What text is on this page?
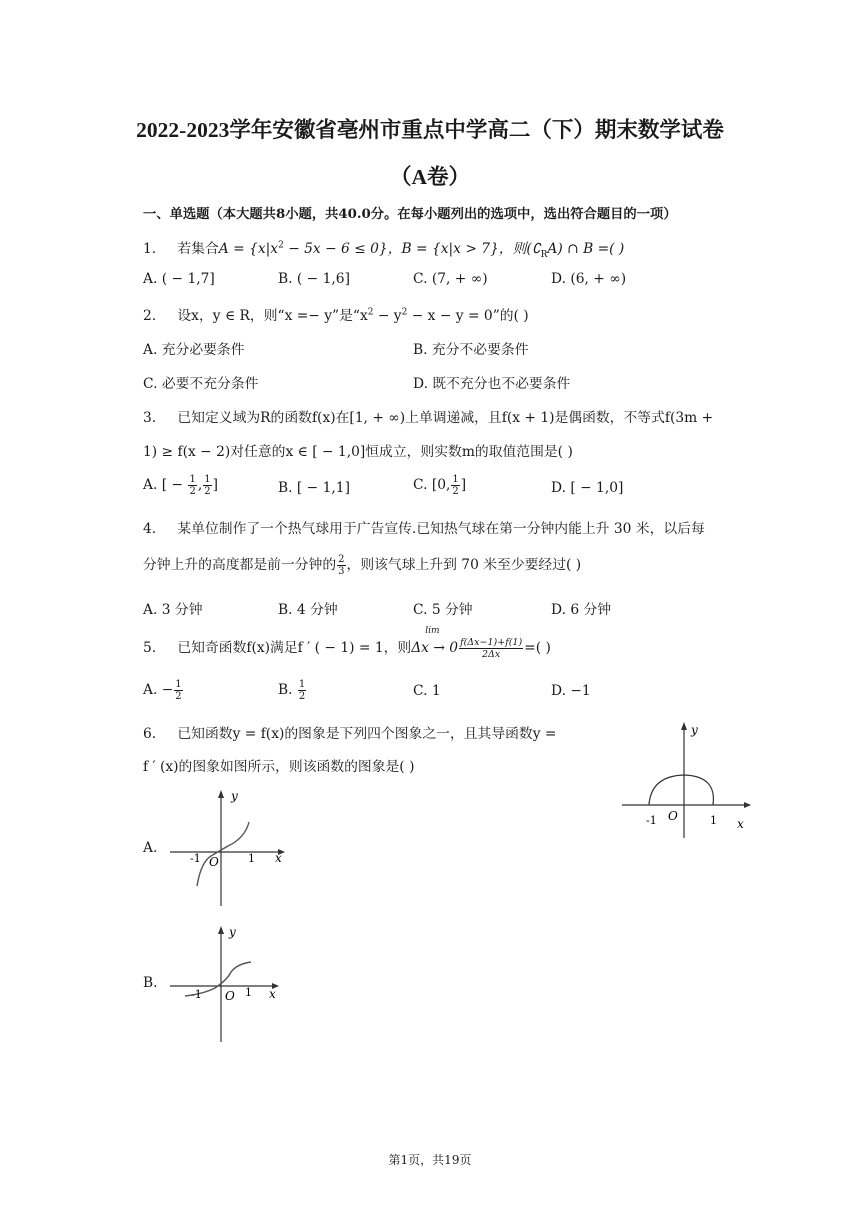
2022-2023学年安徽省亳州市重点中学高二（下）期末数学试卷
（A卷）
一、单选题（本大题共8小题，共40.0分。在每小题列出的选项中，选出符合题目的一项）
1. 若集合$A = \{x|x^2 - 5x - 6 \le 0\}$，B = {x|x > 7}，则$(∁_RA)$ ∩ B =( )
A. ( − 1,7]	B. ( − 1,6]	C. (7, + ∞)	D. (6, + ∞)
2. 设x，y ∈ R，则“x =− y”是“$x^2 - y^2 - x - y = 0$”的( )
A. 充分必要条件	B. 充分不必要条件
C. 必要不充分条件	D. 既不充分也不必要条件
3. 已知定义域为R的函数f(x)在[1, + ∞)上单调递减，且f(x + 1)是偶函数，不等式f(3m +
1) ≥ f(x − 2)对任意的x ∈ [ − 1,0]恒成立，则实数m的取值范围是( )
A. [ − $\frac{1}{2}$ , $\frac{1}{2}$ ]	B. [ − 1,1]	C. [0, $\frac{1}{2}$ ]	D. [ − 1,0]
4. 某单位制作了一个热气球用于广告宣传.已知热气球在第一分钟内能上升 30 米，以后每
分钟上升的高度都是前一分钟的 $\frac{2}{3}$ ，则该气球上升到 70 米至少要经过( )
A. 3 分钟	B. 4 分钟	C. 5 分钟	D. 6 分钟
5. 已知奇函数f(x)满足f ′ ( − 1) = 1，则
lim
$\Delta x \to 0 \frac{f(\Delta x-1)+f(1)}{2\Delta x}$ =( )
A. − $\frac{1}{2}$	B. $\frac{1}{2}$	C. 1	D. −1
6. 已知函数y = f(x)的图象是下列四个图象之一，且其导函数y =
f ′ (x)的图象如图所示，则该函数的图象是( )
y
x
O
-1	1
A.
y
x
O
-1	1
B.
y
x
O
-1	1
第1页，共19页
